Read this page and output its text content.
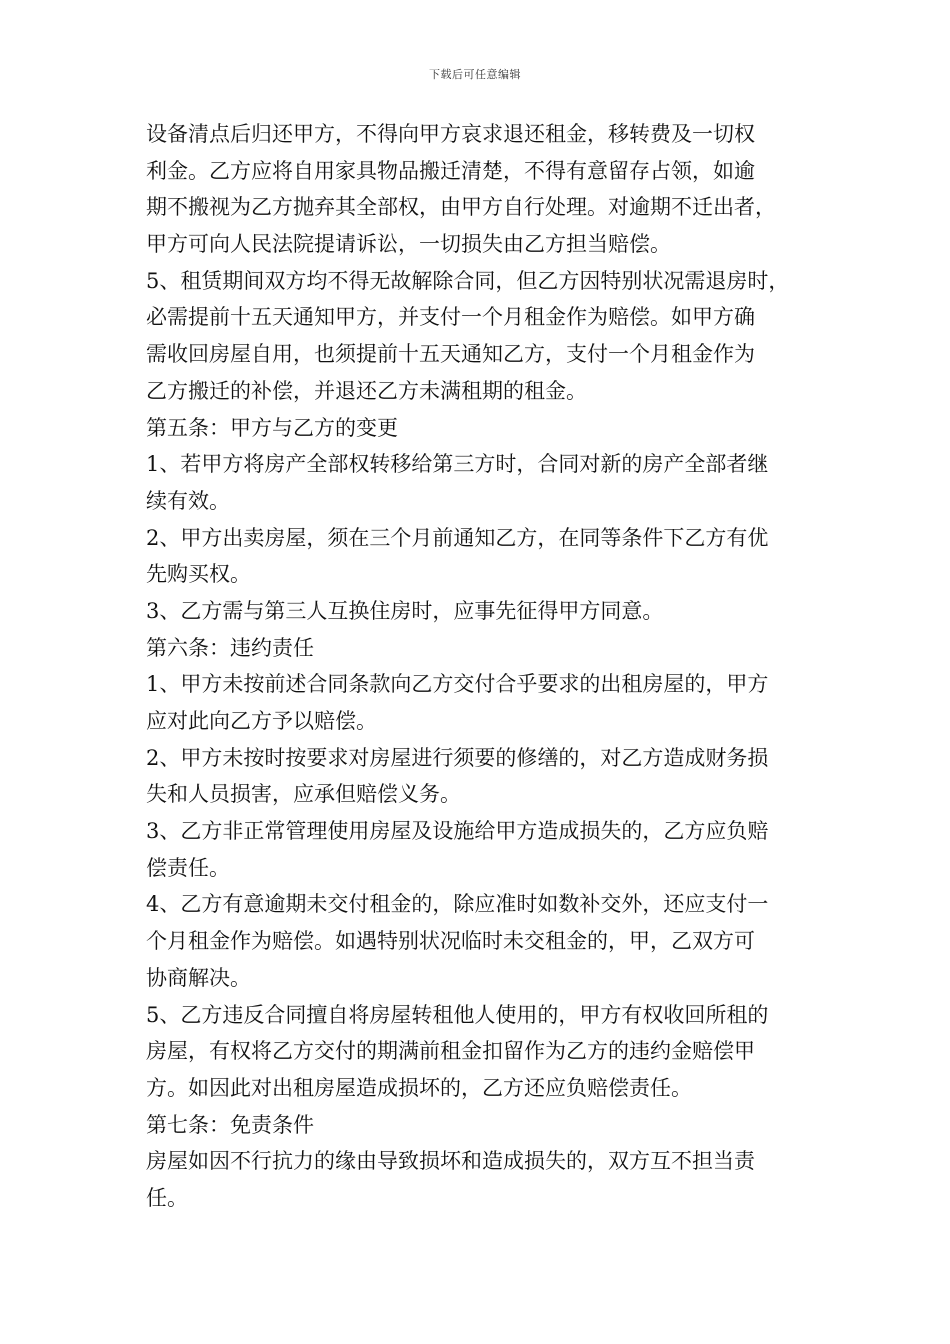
下载后可任意编辑
设备清点后归还甲方，不得向甲方哀求退还租金，移转费及一切权
利金。乙方应将自用家具物品搬迁清楚，不得有意留存占领，如逾
期不搬视为乙方抛弃其全部权，由甲方自行处理。对逾期不迁出者，
甲方可向人民法院提请诉讼，一切损失由乙方担当赔偿。
5、租赁期间双方均不得无故解除合同，但乙方因特别状况需退房时，
必需提前十五天通知甲方，并支付一个月租金作为赔偿。如甲方确
需收回房屋自用，也须提前十五天通知乙方，支付一个月租金作为
乙方搬迁的补偿，并退还乙方未满租期的租金。
第五条：甲方与乙方的变更
1、若甲方将房产全部权转移给第三方时，合同对新的房产全部者继
续有效。
2、甲方出卖房屋，须在三个月前通知乙方，在同等条件下乙方有优
先购买权。
3、乙方需与第三人互换住房时，应事先征得甲方同意。
第六条：违约责任
1、甲方未按前述合同条款向乙方交付合乎要求的出租房屋的，甲方
应对此向乙方予以赔偿。
2、甲方未按时按要求对房屋进行须要的修缮的，对乙方造成财务损
失和人员损害，应承但赔偿义务。
3、乙方非正常管理使用房屋及设施给甲方造成损失的，乙方应负赔
偿责任。
4、乙方有意逾期未交付租金的，除应准时如数补交外，还应支付一
个月租金作为赔偿。如遇特别状况临时未交租金的，甲，乙双方可
协商解决。
5、乙方违反合同擅自将房屋转租他人使用的，甲方有权收回所租的
房屋，有权将乙方交付的期满前租金扣留作为乙方的违约金赔偿甲
方。如因此对出租房屋造成损坏的，乙方还应负赔偿责任。
第七条：免责条件
房屋如因不行抗力的缘由导致损坏和造成损失的，双方互不担当责
任。
